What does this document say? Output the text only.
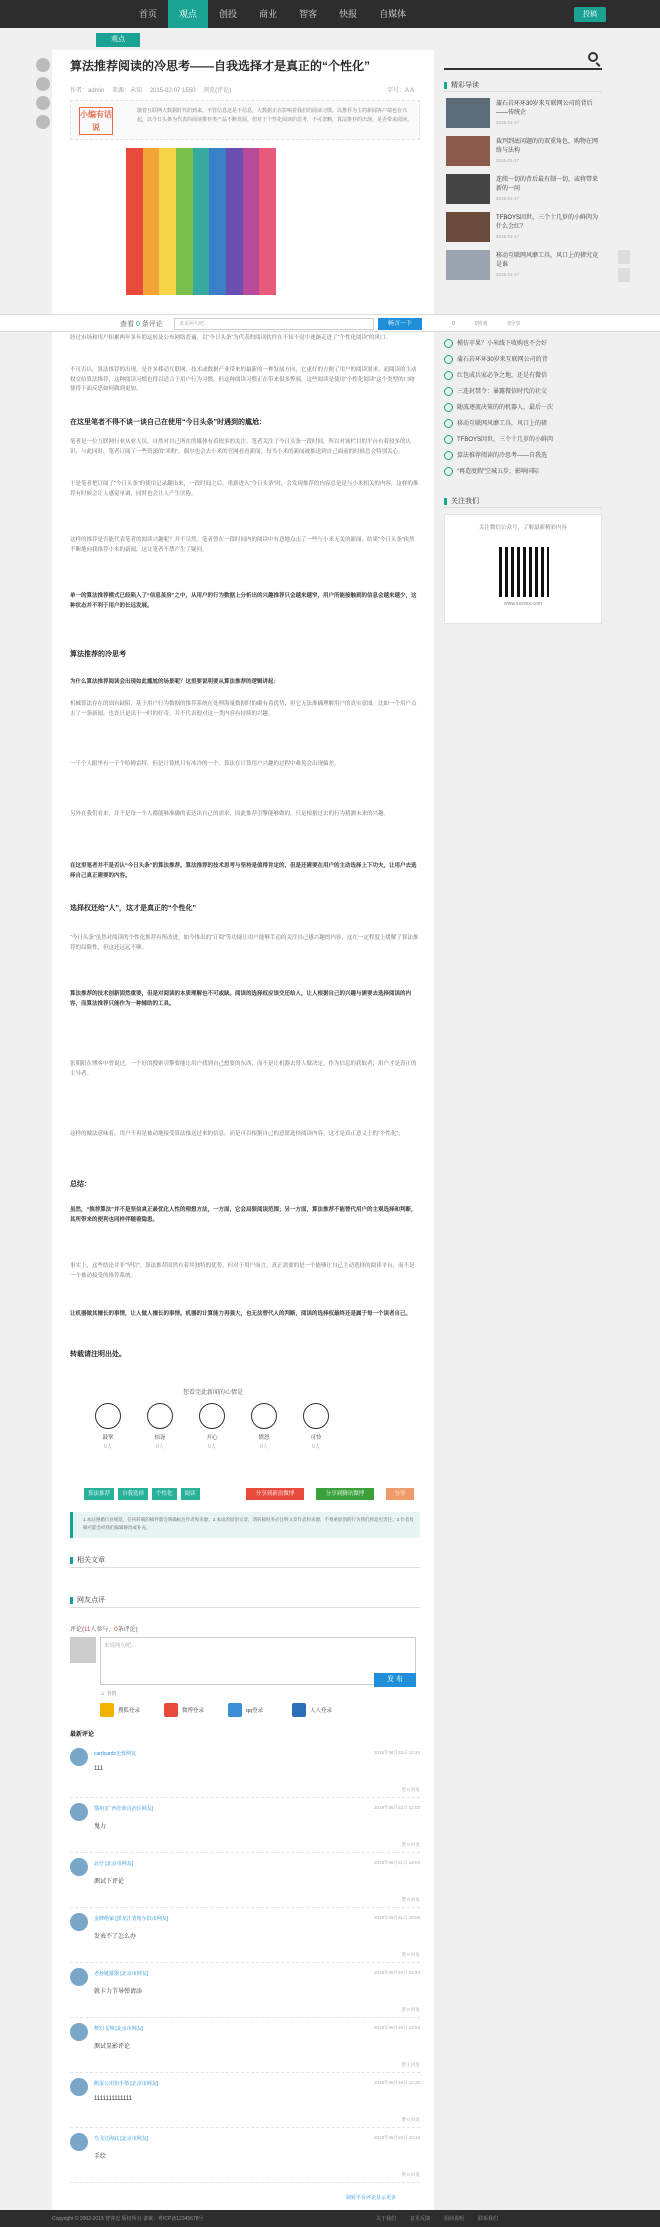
首页	观点	创投	商业	智客	快报	自媒体	投稿
观点
算法推荐阅读的冷思考——自我选择才是真正的“个性化”
作者：admin 来源：未知 2015-02-07 1550 浏览(评论)	字号：A A
小编有话说
随着互联网大数据时代的到来，不管信息还是不信息，大数据正在影响着我们的阅读习惯。以推荐为主的新闻客户端也在兴起，以今日头条为代表的阅读推荐类产品不断发展，但对于个性化阅读的思考，不可忽略，算法推荐的出现，是否带来阅读。
查看 0 条评论	来说两句吧...	畅言一下	0	0喜欢	0分享
经过市场和用户积累两年多年的运转及公布网络普遍，以“今日头条”为代表的阅读软件在不知不觉中逐渐走进了“个性化阅读”的风口。
不可否认，算法推荐的出现，是许多移动互联网、技术或数据产业带来的最新的一种发展方向，它更好的方便了用户的阅读需求。而阅读的主动权交给算法推荐，这种阅读习惯也得以适合于用户行为习惯。但这种阅读习惯正在带来很多弊端，这些阅读是使用“个性化阅读”这个类型的口吻使得下面反思如何做到更加。
在这里笔者不得不谈一谈自己在使用“今日头条”时遇到的尴尬：
笔者是一位互联网行业从业人员，自然对自己所在的媒体有着较多的关注。笔者关注了今日头条一段时间，所以对该栏目的平台有着较多的认识，与此同时，笔者订阅了一些资深的“米粉”，偶尔也会去小米的官网看看新闻，每当小米的新闻被推送到自己面前的时候总会特别关心。
于是笔者把订阅了“今日头条”的使用记录翻出来，一段时间之后，重新进入“今日头条”时，会发现推荐的内容总是是与小米相关的内容，这样的推荐有时候会让人感觉单调，同时也会让人产生厌倦。
这样的推荐是否能代表笔者的阅读兴趣呢？并不尽然。笔者曾在一段时间内的阅读中有意地点击了一些与小米无关的新闻，结果“今日头条”依然不断地向我推荐小米的新闻，这让笔者不禁产生了疑问。
单一的算法推荐模式已经陷入了“信息茧房”之中，从用户的行为数据上分析出的兴趣推荐只会越来越窄，用户所能接触到的信息会越来越少，这种状态并不利于用户的长远发展。
算法推荐的冷思考
为什么算法推荐阅读会出现如此尴尬的场景呢？这里要说明要从算法推荐的逻辑讲起：
机械算法存在的固有缺陷，基于用户行为数据的推荐系统在处理海量数据时的确有着优势，但它无法准确理解用户的真实意图。比如一个用户点击了一条新闻，也许只是出于一时的好奇，并不代表他对这一类内容有持续的兴趣。
一千个人眼里有一千个哈姆雷特，但是计算机只有冰冷的一个。算法在计算用户兴趣的过程中难免会出现偏差。
另外在我们看来，并不是每一个人都能够准确的表达出自己的需求，因此推荐引擎能够做的，只是根据过去的行为猜测未来的兴趣。
在这里笔者并不是否认“今日头条”的算法推荐。算法推荐的技术思考与坚持是值得肯定的，但是还需要在用户的主动选择上下功夫，让用户去选择自己真正需要的内容。
选择权还给“人”，这才是真正的“个性化”
“今日头条”虽然对阅读的个性化推荐有所改进，如今推出的“订阅”等功能让用户能够手动的关注自己感兴趣的内容，这在一定程度上缓解了算法推荐的局限性，但这还远远不够。
算法推荐的技术创新固然重要，但是对阅读的本质理解也不可或缺。阅读的选择权应该交还给人，让人根据自己的兴趣与需要去选择阅读的内容，而算法推荐只能作为一种辅助的工具。
张朝阳在博客中曾说过，一个好的搜索引擎要能让用户找到自己想要的东西，而不是让机器去替人做决定。作为信息的获取者，用户才是真正的主导者。
这样的做法意味着，用户不再是被动地接受算法推送过来的信息，而是可以根据自己的意愿选择阅读内容，这才是真正意义上的“个性化”。
总结：
虽然，“推荐算法”并不是坚信真正最优化人性的理想方法，一方面，它会局限阅读范围；另一方面，算法推荐不能替代用户的主观选择和判断，其所带来的便利也同样伴随着隐患。
事实上，这些结论并非“坚信”。算法推荐固然有着其独特的优势，但对于用户而言，真正需要的是一个能够让自己主动选择的阅读平台，而不是一个被动接受的推荐系统。
让机器做其擅长的事情，让人做人擅长的事情。机器的计算能力再强大，也无法替代人的判断，阅读的选择权最终还是属于每一个读者自己。
转载请注明出处。
您看完此新闻的心情是
鼓掌
0人
惊讶
0人
开心
0人
愤怒
0人
可怜
0人
算法推荐	自我选择	个性化	阅读	分享到新浪微博	分享到腾讯微博	分享
1.本站遵循行业规范，任何转载的稿件都会明确标注作者和来源；2.本站的原创文章，请转载时务必注明文章作者和来源，不尊重原创的行为我们将追究责任；3.作者投稿可能会经我们编辑修改或补充。
相关文章
网友点评
评论(11人参与，0条评论)
来说两句吧...
☺ 表情
发 布
搜狐登录	微博登录	qq登录	人人登录
最新评论
cardcards无忧网友	2019年06月22日 12:24
111
赞 0 回复
鄂州 [广西壮族自治区网友]	2019年06月22日 12:03
鬼力
赞 0 回复
北仔 [北京市网友]	2019年06月21日 19:04
测试下评论
赞 0 回复
金牌绝家 [黑龙江省哈尔滨市网友]	2019年06月21日 18:08
发表不了怎么办
赞 0 回复
老孙链接器 [北京市网友]	2019年06月20日 22:33
就卡力节导弹请添
赞 0 回复
梦幻飞翔 [北京市网友]	2019年06月19日 12:53
测试显影评论
赞 1 回复
鹅蛋公用知手情 [北京市网友]	2019年06月19日 14:32
1111111111111
赞 0 回复
鸟飞过海底 [北京市网友]	2019年06月19日 10:10
手绘
赞 0 回复
展转平台评论显示更多
精彩导读
蒲石岩环环30岁来互联网公司的背后——传统企
2015-01-17
裁判到底问题的的双重角色，购物在网络与法构
2015-01-17
连续一切的背后最有制一切，或将带来新的一问
2015-01-17
TFBOYS因世，三个十几岁的小鲜肉为什么会红？
2015-01-17
移动互联网风靡工具，风口上的猪究竟是谁
2015-01-17
模仿苹果？小米线下收购也不会好
蒲石岩环环30岁来互联网公司的背
红包成兵家必争之地，还是有微信
三连封禁令：暴露微信时代的社交
随波逐流决策的的机器人，最后一次
移动互联网风靡工具，风口上的猪
TFBOYS因世，三个十几岁的小鲜肉
算法推荐阅读的冷思考——自我选
“再造度假”空城五步，影响国际
关注我们
关注微信公众号，了解最新精彩内容
www.xxxxxx.com
Copyright © 2002-2015 智客迈 版权所有 备案：粤ICP备12345678号	关于我们	意见反馈	招商说明	联系我们
